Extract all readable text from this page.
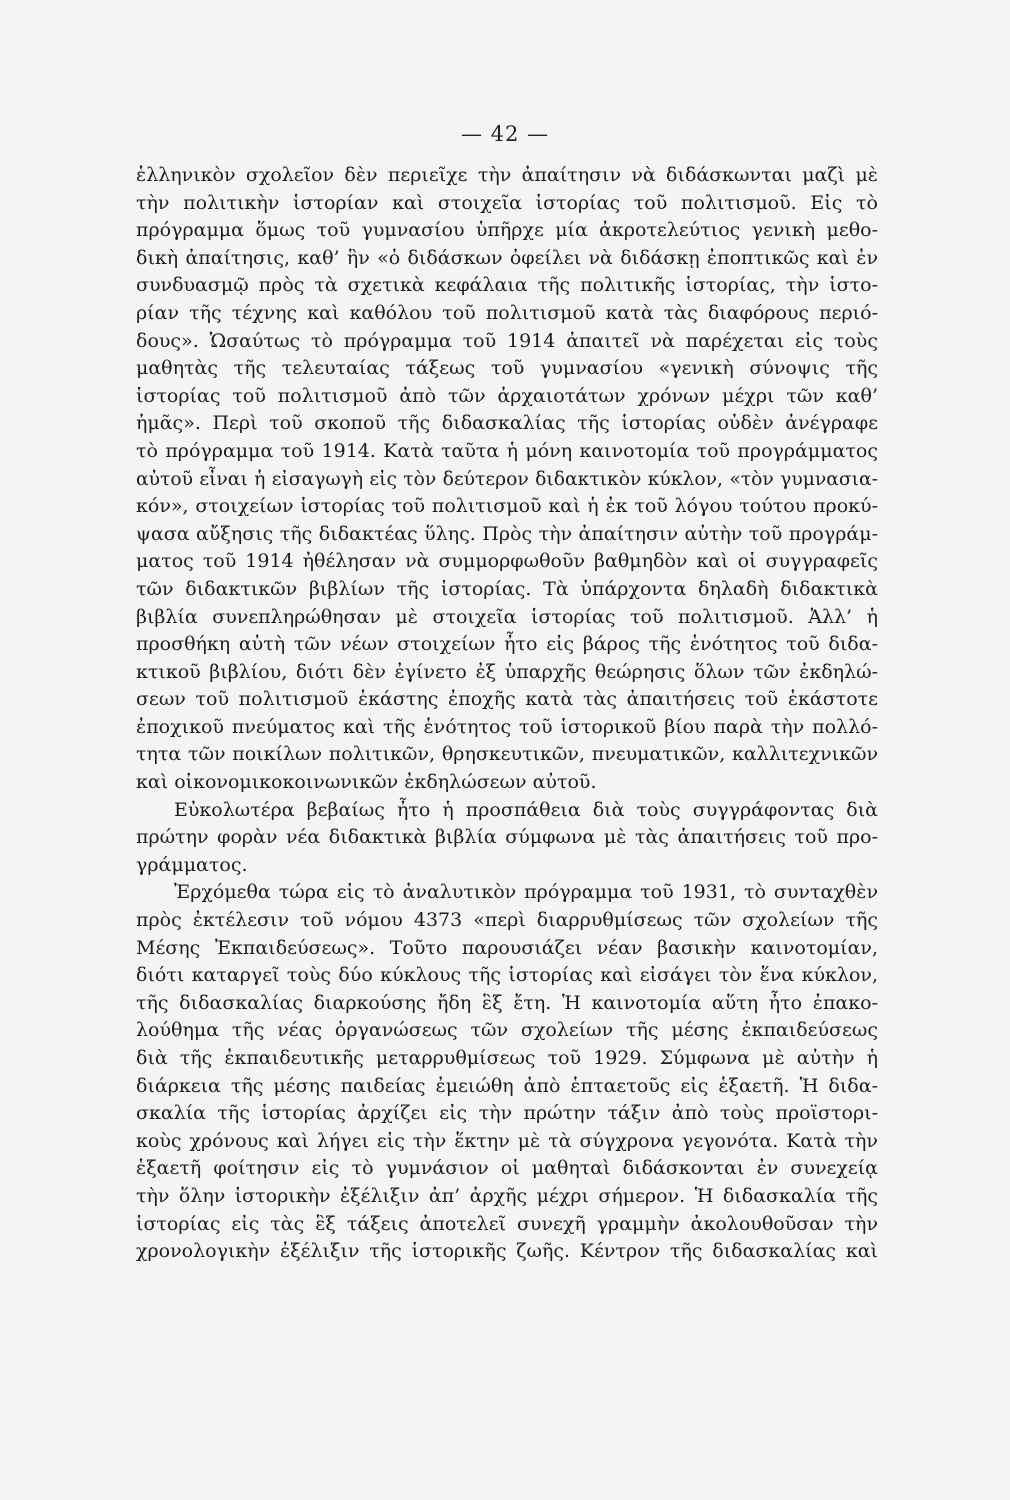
— 42 —
ἑλληνικὸν σχολεῖον δὲν περιεῖχε τὴν ἀπαίτησιν νὰ διδάσκωνται μαζὶ μὲ
τὴν πολιτικὴν ἱστορίαν καὶ στοιχεῖα ἱστορίας τοῦ πολιτισμοῦ. Εἰς τὸ
πρόγραμμα ὅμως τοῦ γυμνασίου ὑπῆρχε μία ἀκροτελεύτιος γενικὴ μεθο-
δικὴ ἀπαίτησις, καθ’ ἣν «ὁ διδάσκων ὀφείλει νὰ διδάσκῃ ἐποπτικῶς καὶ ἐν
συνδυασμῷ πρὸς τὰ σχετικὰ κεφάλαια τῆς πολιτικῆς ἱστορίας, τὴν ἱστο-
ρίαν τῆς τέχνης καὶ καθόλου τοῦ πολιτισμοῦ κατὰ τὰς διαφόρους περιό-
δους». Ὡσαύτως τὸ πρόγραμμα τοῦ 1914 ἀπαιτεῖ νὰ παρέχεται εἰς τοὺς
μαθητὰς τῆς τελευταίας τάξεως τοῦ γυμνασίου «γενικὴ σύνοψις τῆς
ἱστορίας τοῦ πολιτισμοῦ ἀπὸ τῶν ἀρχαιοτάτων χρόνων μέχρι τῶν καθ’
ἡμᾶς». Περὶ τοῦ σκοποῦ τῆς διδασκαλίας τῆς ἱστορίας οὐδὲν ἀνέγραφε
τὸ πρόγραμμα τοῦ 1914. Κατὰ ταῦτα ἡ μόνη καινοτομία τοῦ προγράμματος
αὐτοῦ εἶναι ἡ εἰσαγωγὴ εἰς τὸν δεύτερον διδακτικὸν κύκλον, «τὸν γυμνασια-
κόν», στοιχείων ἱστορίας τοῦ πολιτισμοῦ καὶ ἡ ἐκ τοῦ λόγου τούτου προκύ-
ψασα αὔξησις τῆς διδακτέας ὕλης. Πρὸς τὴν ἀπαίτησιν αὐτὴν τοῦ προγράμ-
ματος τοῦ 1914 ἠθέλησαν νὰ συμμορφωθοῦν βαθμηδὸν καὶ οἱ συγγραφεῖς
τῶν διδακτικῶν βιβλίων τῆς ἱστορίας. Τὰ ὑπάρχοντα δηλαδὴ διδακτικὰ
βιβλία συνεπληρώθησαν μὲ στοιχεῖα ἱστορίας τοῦ πολιτισμοῦ. Ἀλλ’ ἡ
προσθήκη αὐτὴ τῶν νέων στοιχείων ἦτο εἰς βάρος τῆς ἑνότητος τοῦ διδα-
κτικοῦ βιβλίου, διότι δὲν ἐγίνετο ἐξ ὑπαρχῆς θεώρησις ὅλων τῶν ἐκδηλώ-
σεων τοῦ πολιτισμοῦ ἑκάστης ἐποχῆς κατὰ τὰς ἀπαιτήσεις τοῦ ἑκάστοτε
ἐποχικοῦ πνεύματος καὶ τῆς ἑνότητος τοῦ ἱστορικοῦ βίου παρὰ τὴν πολλό-
τητα τῶν ποικίλων πολιτικῶν, θρησκευτικῶν, πνευματικῶν, καλλιτεχνικῶν
καὶ οἰκονομικοκοινωνικῶν ἐκδηλώσεων αὐτοῦ.
Εὐκολωτέρα βεβαίως ἦτο ἡ προσπάθεια διὰ τοὺς συγγράφοντας διὰ
πρώτην φορὰν νέα διδακτικὰ βιβλία σύμφωνα μὲ τὰς ἀπαιτήσεις τοῦ προ-
γράμματος.
Ἐρχόμεθα τώρα εἰς τὸ ἀναλυτικὸν πρόγραμμα τοῦ 1931, τὸ συνταχθὲν
πρὸς ἐκτέλεσιν τοῦ νόμου 4373 «περὶ διαρρυθμίσεως τῶν σχολείων τῆς
Μέσης Ἐκπαιδεύσεως». Τοῦτο παρουσιάζει νέαν βασικὴν καινοτομίαν,
διότι καταργεῖ τοὺς δύο κύκλους τῆς ἱστορίας καὶ εἰσάγει τὸν ἕνα κύκλον,
τῆς διδασκαλίας διαρκούσης ἤδη ἓξ ἔτη. Ἡ καινοτομία αὕτη ἦτο ἐπακο-
λούθημα τῆς νέας ὀργανώσεως τῶν σχολείων τῆς μέσης ἐκπαιδεύσεως
διὰ τῆς ἐκπαιδευτικῆς μεταρρυθμίσεως τοῦ 1929. Σύμφωνα μὲ αὐτὴν ἡ
διάρκεια τῆς μέσης παιδείας ἐμειώθη ἀπὸ ἑπταετοῦς εἰς ἑξαετῆ. Ἡ διδα-
σκαλία τῆς ἱστορίας ἀρχίζει εἰς τὴν πρώτην τάξιν ἀπὸ τοὺς προϊστορι-
κοὺς χρόνους καὶ λήγει εἰς τὴν ἕκτην μὲ τὰ σύγχρονα γεγονότα. Κατὰ τὴν
ἑξαετῆ φοίτησιν εἰς τὸ γυμνάσιον οἱ μαθηταὶ διδάσκονται ἐν συνεχείᾳ
τὴν ὅλην ἱστορικὴν ἐξέλιξιν ἀπ’ ἀρχῆς μέχρι σήμερον. Ἡ διδασκαλία τῆς
ἱστορίας εἰς τὰς ἓξ τάξεις ἀποτελεῖ συνεχῆ γραμμὴν ἀκολουθοῦσαν τὴν
χρονολογικὴν ἐξέλιξιν τῆς ἱστορικῆς ζωῆς. Κέντρον τῆς διδασκαλίας καὶ
